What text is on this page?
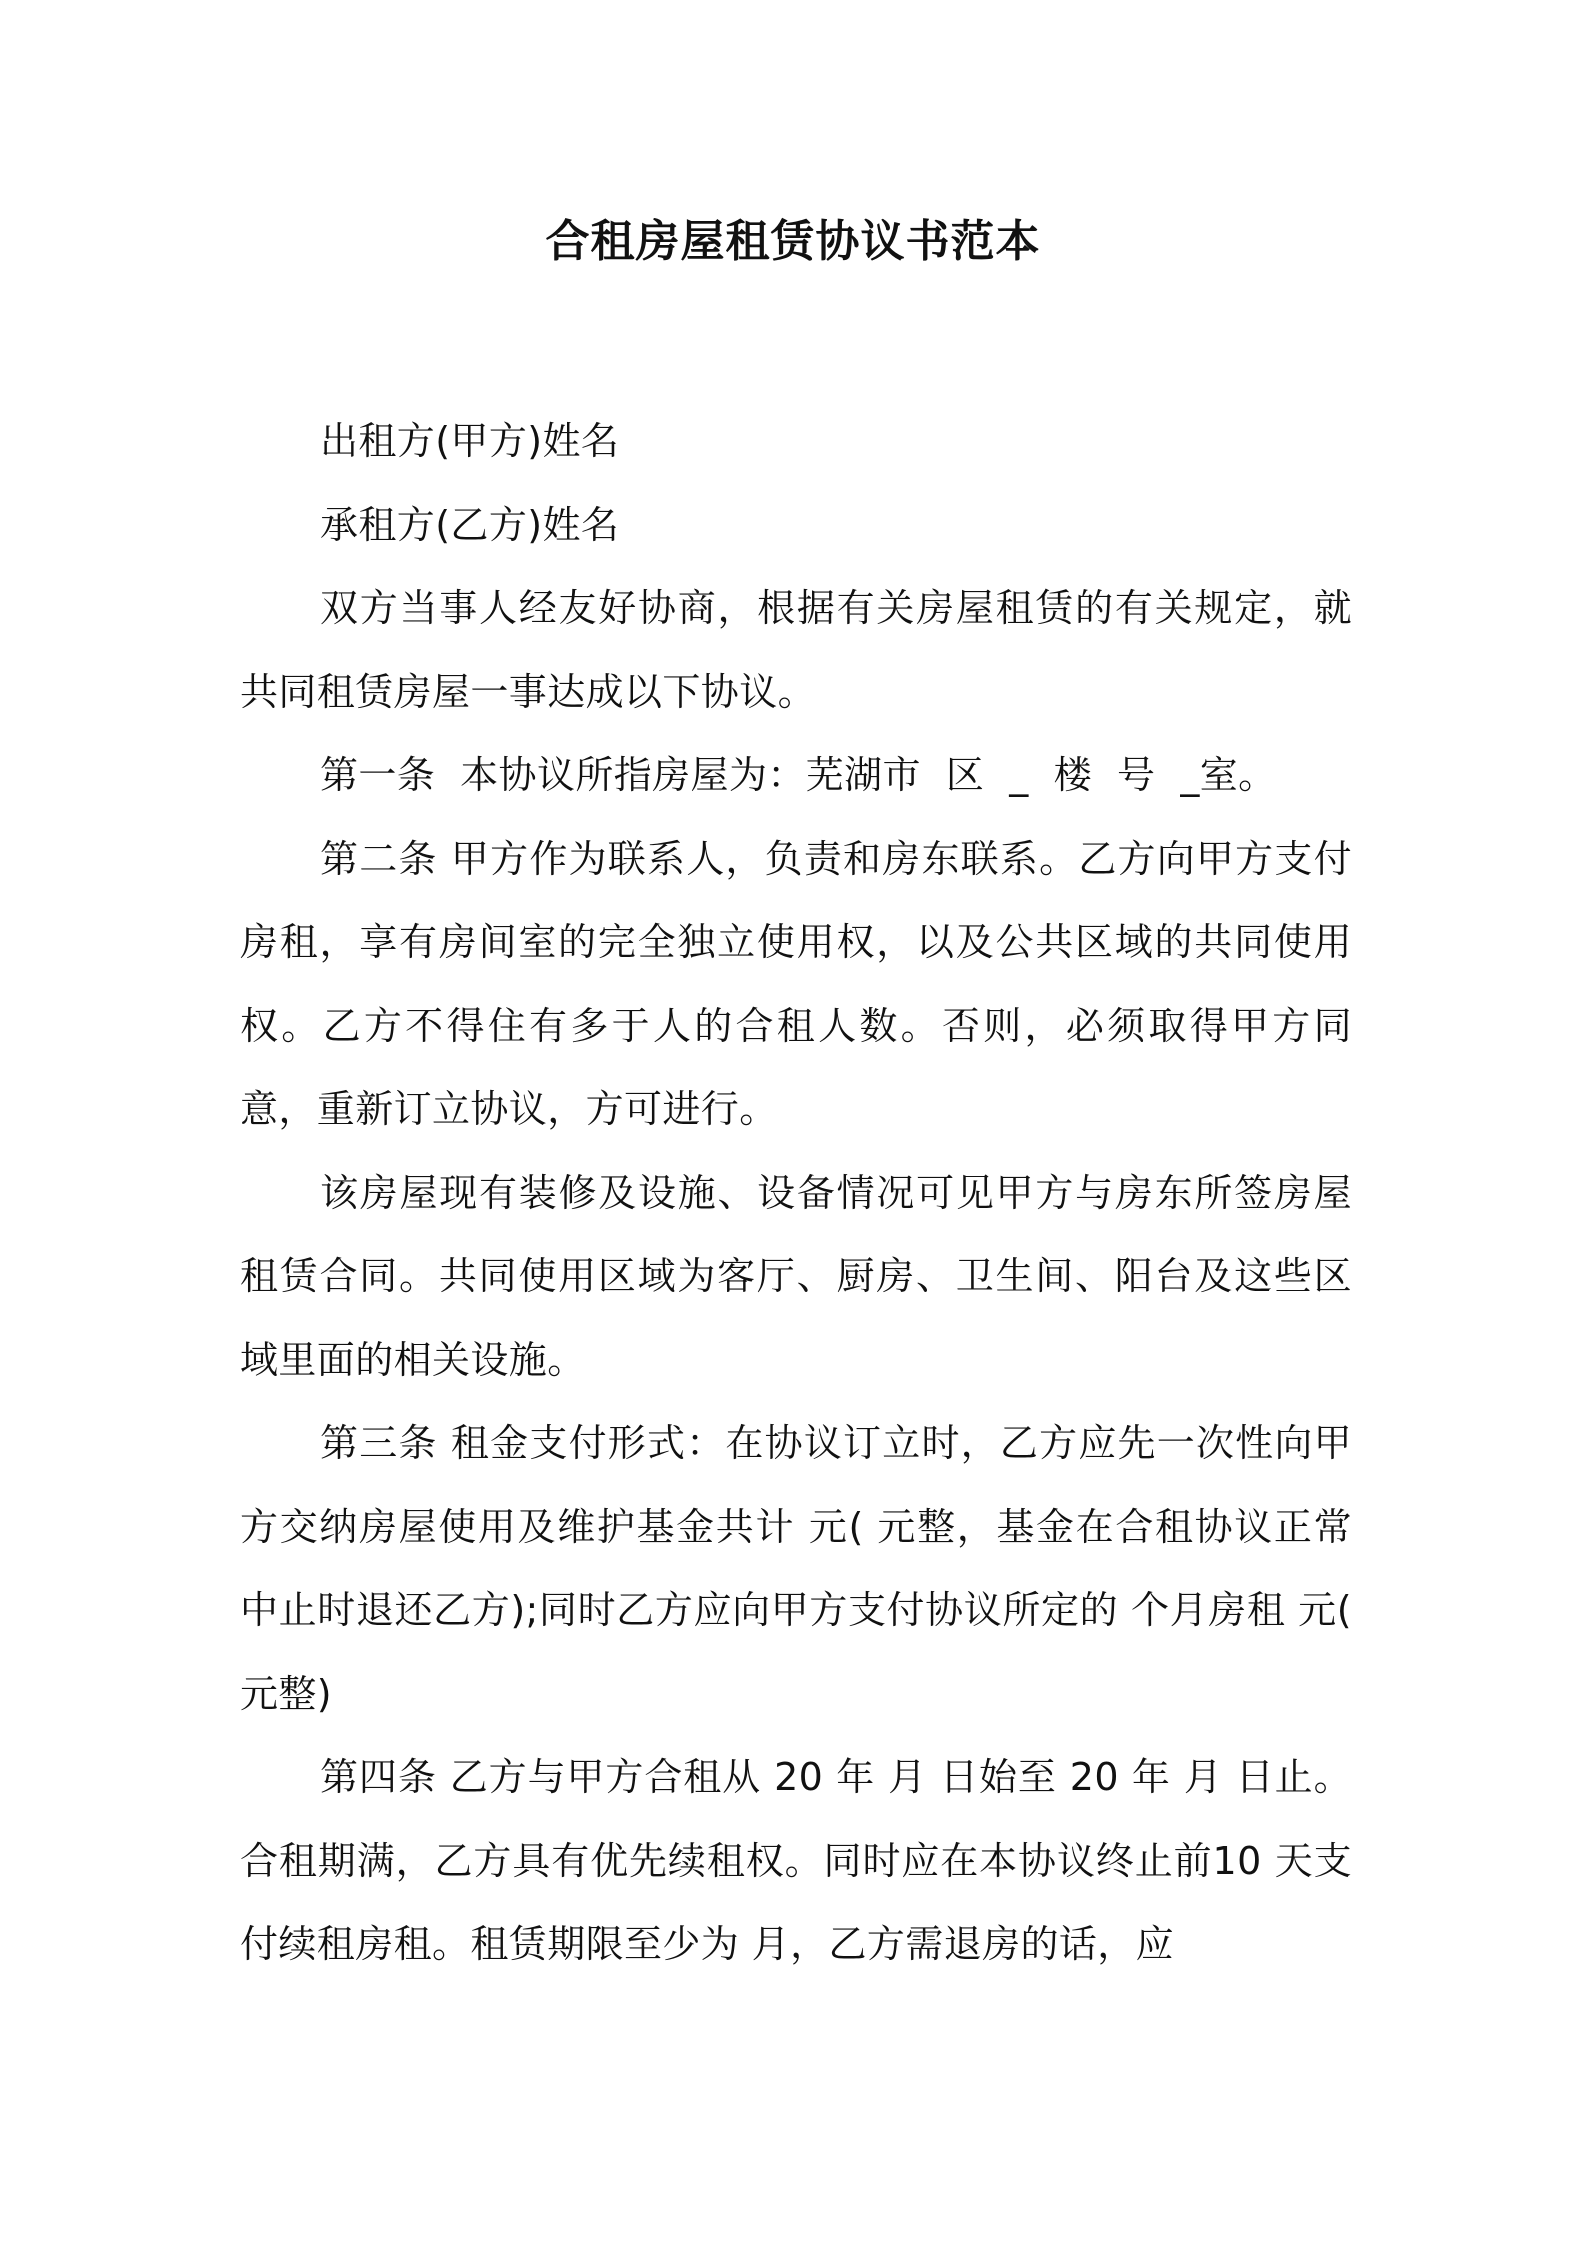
合租房屋租赁协议书范本

出租方(甲方)姓名

承租方(乙方)姓名

双方当事人经友好协商，根据有关房屋租赁的有关规定，就共同租赁房屋一事达成以下协议。

第一条  本协议所指房屋为：芜湖市  区  _  楼  号  _室。

第二条 甲方作为联系人，负责和房东联系。乙方向甲方支付房租，享有房间室的完全独立使用权，以及公共区域的共同使用权。乙方不得住有多于人的合租人数。否则，必须取得甲方同意，重新订立协议，方可进行。

该房屋现有装修及设施、设备情况可见甲方与房东所签房屋租赁合同。共同使用区域为客厅、厨房、卫生间、阳台及这些区域里面的相关设施。

第三条 租金支付形式：在协议订立时，乙方应先一次性向甲方交纳房屋使用及维护基金共计 元( 元整，基金在合租协议正常中止时退还乙方);同时乙方应向甲方支付协议所定的 个月房租 元( 元整)

第四条 乙方与甲方合租从 20 年 月 日始至 20 年 月 日止。合租期满，乙方具有优先续租权。同时应在本协议终止前10 天支付续租房租。租赁期限至少为 月，乙方需退房的话，应
